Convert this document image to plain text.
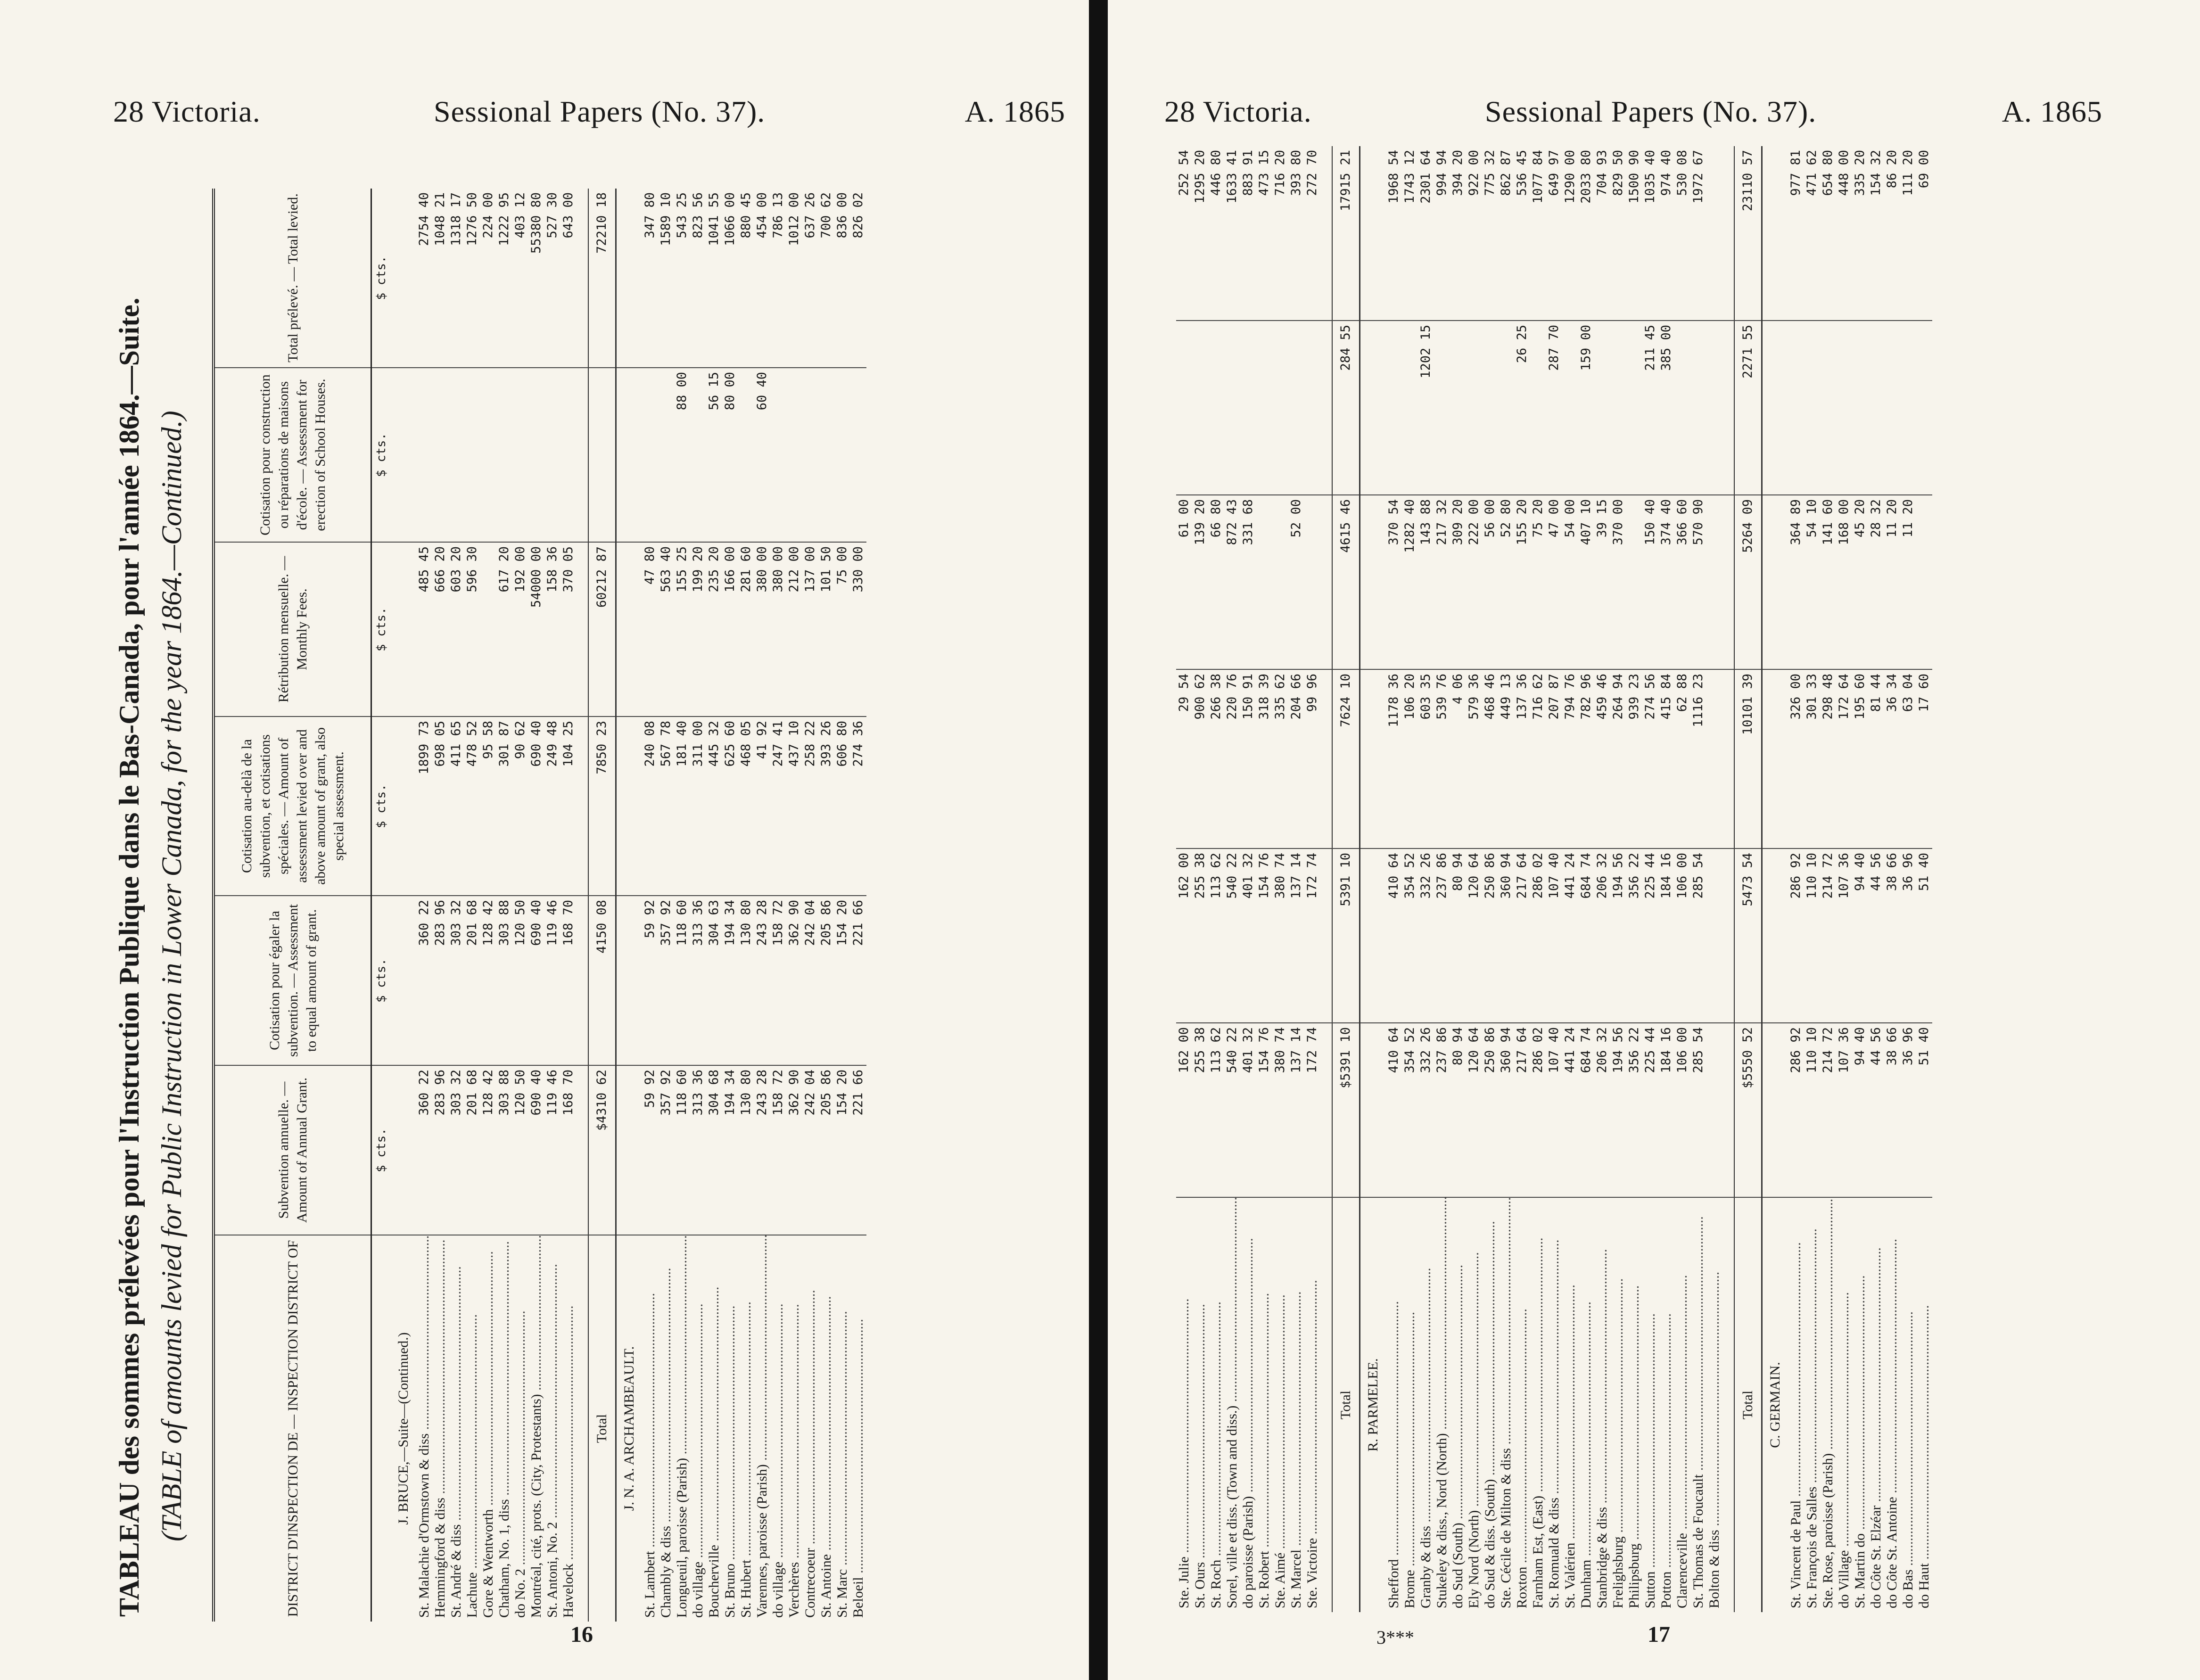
28 Victoria.	Sessional Papers (No. 37).	A. 1865
TABLEAU des sommes prélevées pour l'Instruction Publique dans le Bas-Canada, pour l'année 1864.—Suite. (TABLE of amounts levied for Public Instruction in Lower Canada, for the year 1864.—Continued.)	DISTRICT D'INSPECTION DE — INSPECTION DISTRICT OF	Subvention annuelle. — Amount of Annual Grant.	Cotisation pour égaler la subvention. — Assessment to equal amount of grant.	Cotisation au-delà de la subvention, et cotisations spéciales. — Amount of assessment levied over and above amount of grant, also special assessment.	Rétribution mensuelle. — Monthly Fees.	Cotisation pour construction ou réparations de maisons d'école. — Assessment for erection of School Houses.	Total prélevé. — Total levied.
	$ cts.	$ cts.	$ cts.	$ cts.	$ cts.	$ cts.
J. BRUCE,—Suite—(Continued.)						
St. Malachie d'Ormstown & diss .....	360 22	360 22	1899 73	485 45		2754 40
Hemmingford & diss .....	283 96	283 96	698 05	666 20		1048 21
St. André & diss .....	303 32	303 32	411 65	603 20		1318 17
Lachute .....	201 68	201 68	478 52	596 30		1276 50
Gore & Wentworth .....	128 42	128 42	95 58			224 00
Chatham, No. 1, diss .....	303 88	303 88	301 87	617 20		1222 95
do No. 2 .....	120 50	120 50	90 62	192 00		403 12
Montréal, cité, prots. (City, Protestants) .....	690 40	690 40	690 40	54000 00		55380 80
St. Antoni, No. 2 .....	119 46	119 46	249 48	158 36		527 30
Havelock .....	168 70	168 70	104 25	370 05		643 00

Total	$4310 62	4150 08	7850 23	60212 87		72210 18
J. N. A. ARCHAMBEAULT.						
St. Lambert .....	59 92	59 92	240 08	47 80		347 80
Chambly & diss .....	357 92	357 92	567 78	563 40		1589 10
Longueuil, paroisse (Parish) .....	118 60	118 60	181 40	155 25	88 00	543 25
do village .....	313 36	313 36	311 00	199 20		823 56
Boucherville .....	304 68	304 63	445 32	235 20	56 15	1041 55
St. Bruno .....	194 34	194 34	625 60	166 00	80 00	1066 00
St. Hubert .....	130 80	130 80	468 05	281 60		880 45
Varennes, paroisse (Parish) .....	243 28	243 28	41 92	380 00	60 40	454 00
do village .....	158 72	158 72	247 41	380 00		786 13
Verchères .....	362 90	362 90	437 10	212 00		1012 00
Contrecoeur .....	242 04	242 04	258 22	137 00		637 26
St. Antoine .....	205 86	205 86	393 26	101 50		700 62
St. Marc .....	154 20	154 20	606 80	75 00		836 00
Beloeil .....	221 66	221 66	274 36	330 00		826 02
16
28 Victoria.	Sessional Papers (No. 37).	A. 1865
Ste. Julie .....	162 00	162 00	29 54	61 00		252 54
St. Ours .....	255 38	255 38	900 62	139 20		1295 20
St. Roch .....	113 62	113 62	266 38	66 80		446 80
Sorel, ville et diss. (Town and diss.) .....	540 22	540 22	220 76	872 43		1633 41
do paroisse (Parish) .....	401 32	401 32	150 91	331 68		883 91
St. Robert .....	154 76	154 76	318 39			473 15
Ste. Aimé .....	380 74	380 74	335 62			716 20
St. Marcel .....	137 14	137 14	204 66	52 00		393 80
Ste. Victoire .....	172 74	172 74	99 96			272 70

Total	$5391 10	5391 10	7624 10	4615 46	284 55	17915 21
R. PARMELEE.						
Shefford .....	410 64	410 64	1178 36	370 54		1968 54
Brome .....	354 52	354 52	106 20	1282 40		1743 12
Granby & diss .....	332 26	332 26	603 35	143 88	1202 15	2301 64
Stukeley & diss., Nord (North) .....	237 86	237 86	539 76	217 32		994 94
do Sud (South) .....	80 94	80 94	4 06	309 20		394 20
Ely Nord (North) .....	120 64	120 64	579 36	222 00		922 00
do Sud & diss. (South) .....	250 86	250 86	468 46	56 00		775 32
Ste. Cécile de Milton & diss .....	360 94	360 94	449 13	52 80		862 87
Roxton .....	217 64	217 64	137 36	155 20	26 25	536 45
Farnham Est, (East) .....	286 02	286 02	716 62	75 20		1077 84
St. Romuald & diss .....	107 40	107 40	207 87	47 00	287 70	649 97
St. Valérien .....	441 24	441 24	794 76	54 00		1290 00
Dunham .....	684 74	684 74	782 96	407 10	159 00	2033 80
Stanbridge & diss .....	206 32	206 32	459 46	39 15		704 93
Frelighsburg .....	194 56	194 56	264 94	370 00		829 50
Philipsburg .....	356 22	356 22	939 23			1500 90
Sutton .....	225 44	225 44	274 56	150 40	211 45	1035 40
Potton .....	184 16	184 16	415 84	374 40	385 00	974 40
Clarenceville .....	106 00	106 00	62 88	366 60		530 08
St. Thomas de Foucault .....	285 54	285 54	1116 23	570 90		1972 67
Bolton & diss .....						

Total	$5550 52	5473 54	10101 39	5264 09	2271 55	23110 57
C. GERMAIN.						
St. Vincent de Paul .....	286 92	286 92	326 00	364 89		977 81
St. François de Salles .....	110 10	110 10	301 33	54 10		471 62
Ste. Rose, paroisse (Parish) .....	214 72	214 72	298 48	141 60		654 80
do Village .....	107 36	107 36	172 64	168 00		448 00
St. Martin do .....	94 40	94 40	195 60	45 20		335 20
do Côte St. Elzéar .....	44 56	44 56	81 44	28 32		154 32
do Côte St. Antoine .....	38 66	38 66	36 34	11 20		86 20
do Bas .....	36 96	36 96	63 04	11 20		111 20
do Haut .....	51 40	51 40	17 60			69 00
3***	17
